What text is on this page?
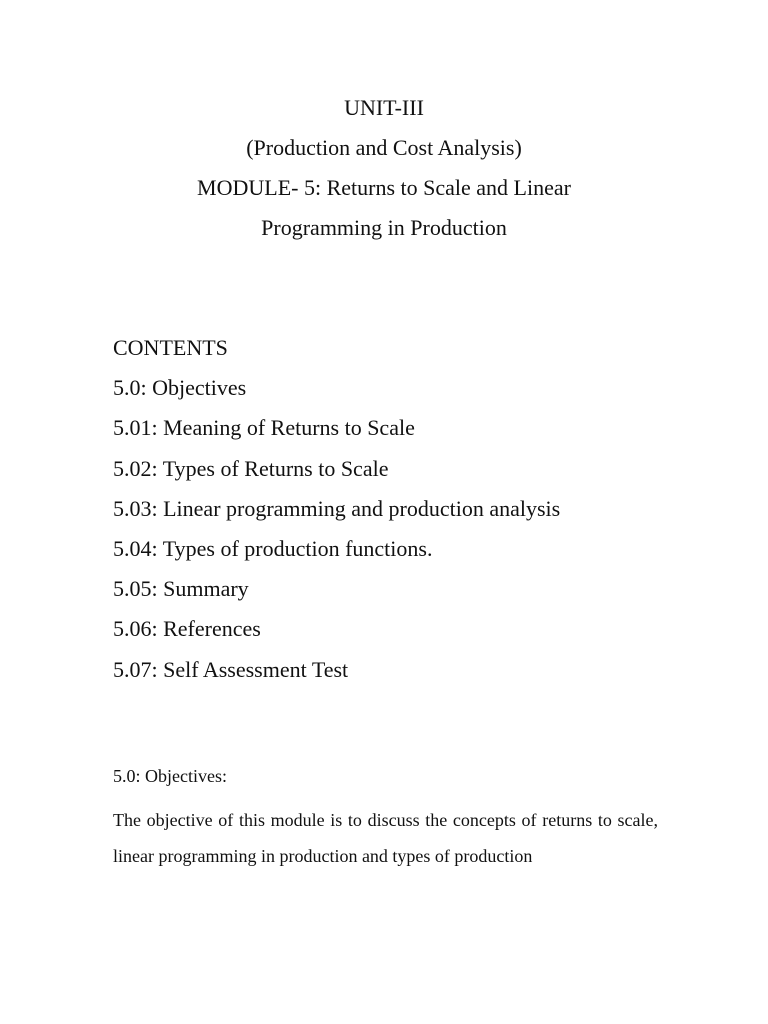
UNIT-III
(Production and Cost Analysis)
MODULE- 5: Returns to Scale and Linear
Programming in Production
CONTENTS
5.0: Objectives
5.01: Meaning of Returns to Scale
5.02: Types of Returns to Scale
5.03: Linear programming and production analysis
5.04: Types of production functions.
5.05: Summary
5.06: References
5.07: Self Assessment Test
5.0: Objectives:

The objective of this module is to discuss the concepts of returns to scale, linear programming in production and types of production
